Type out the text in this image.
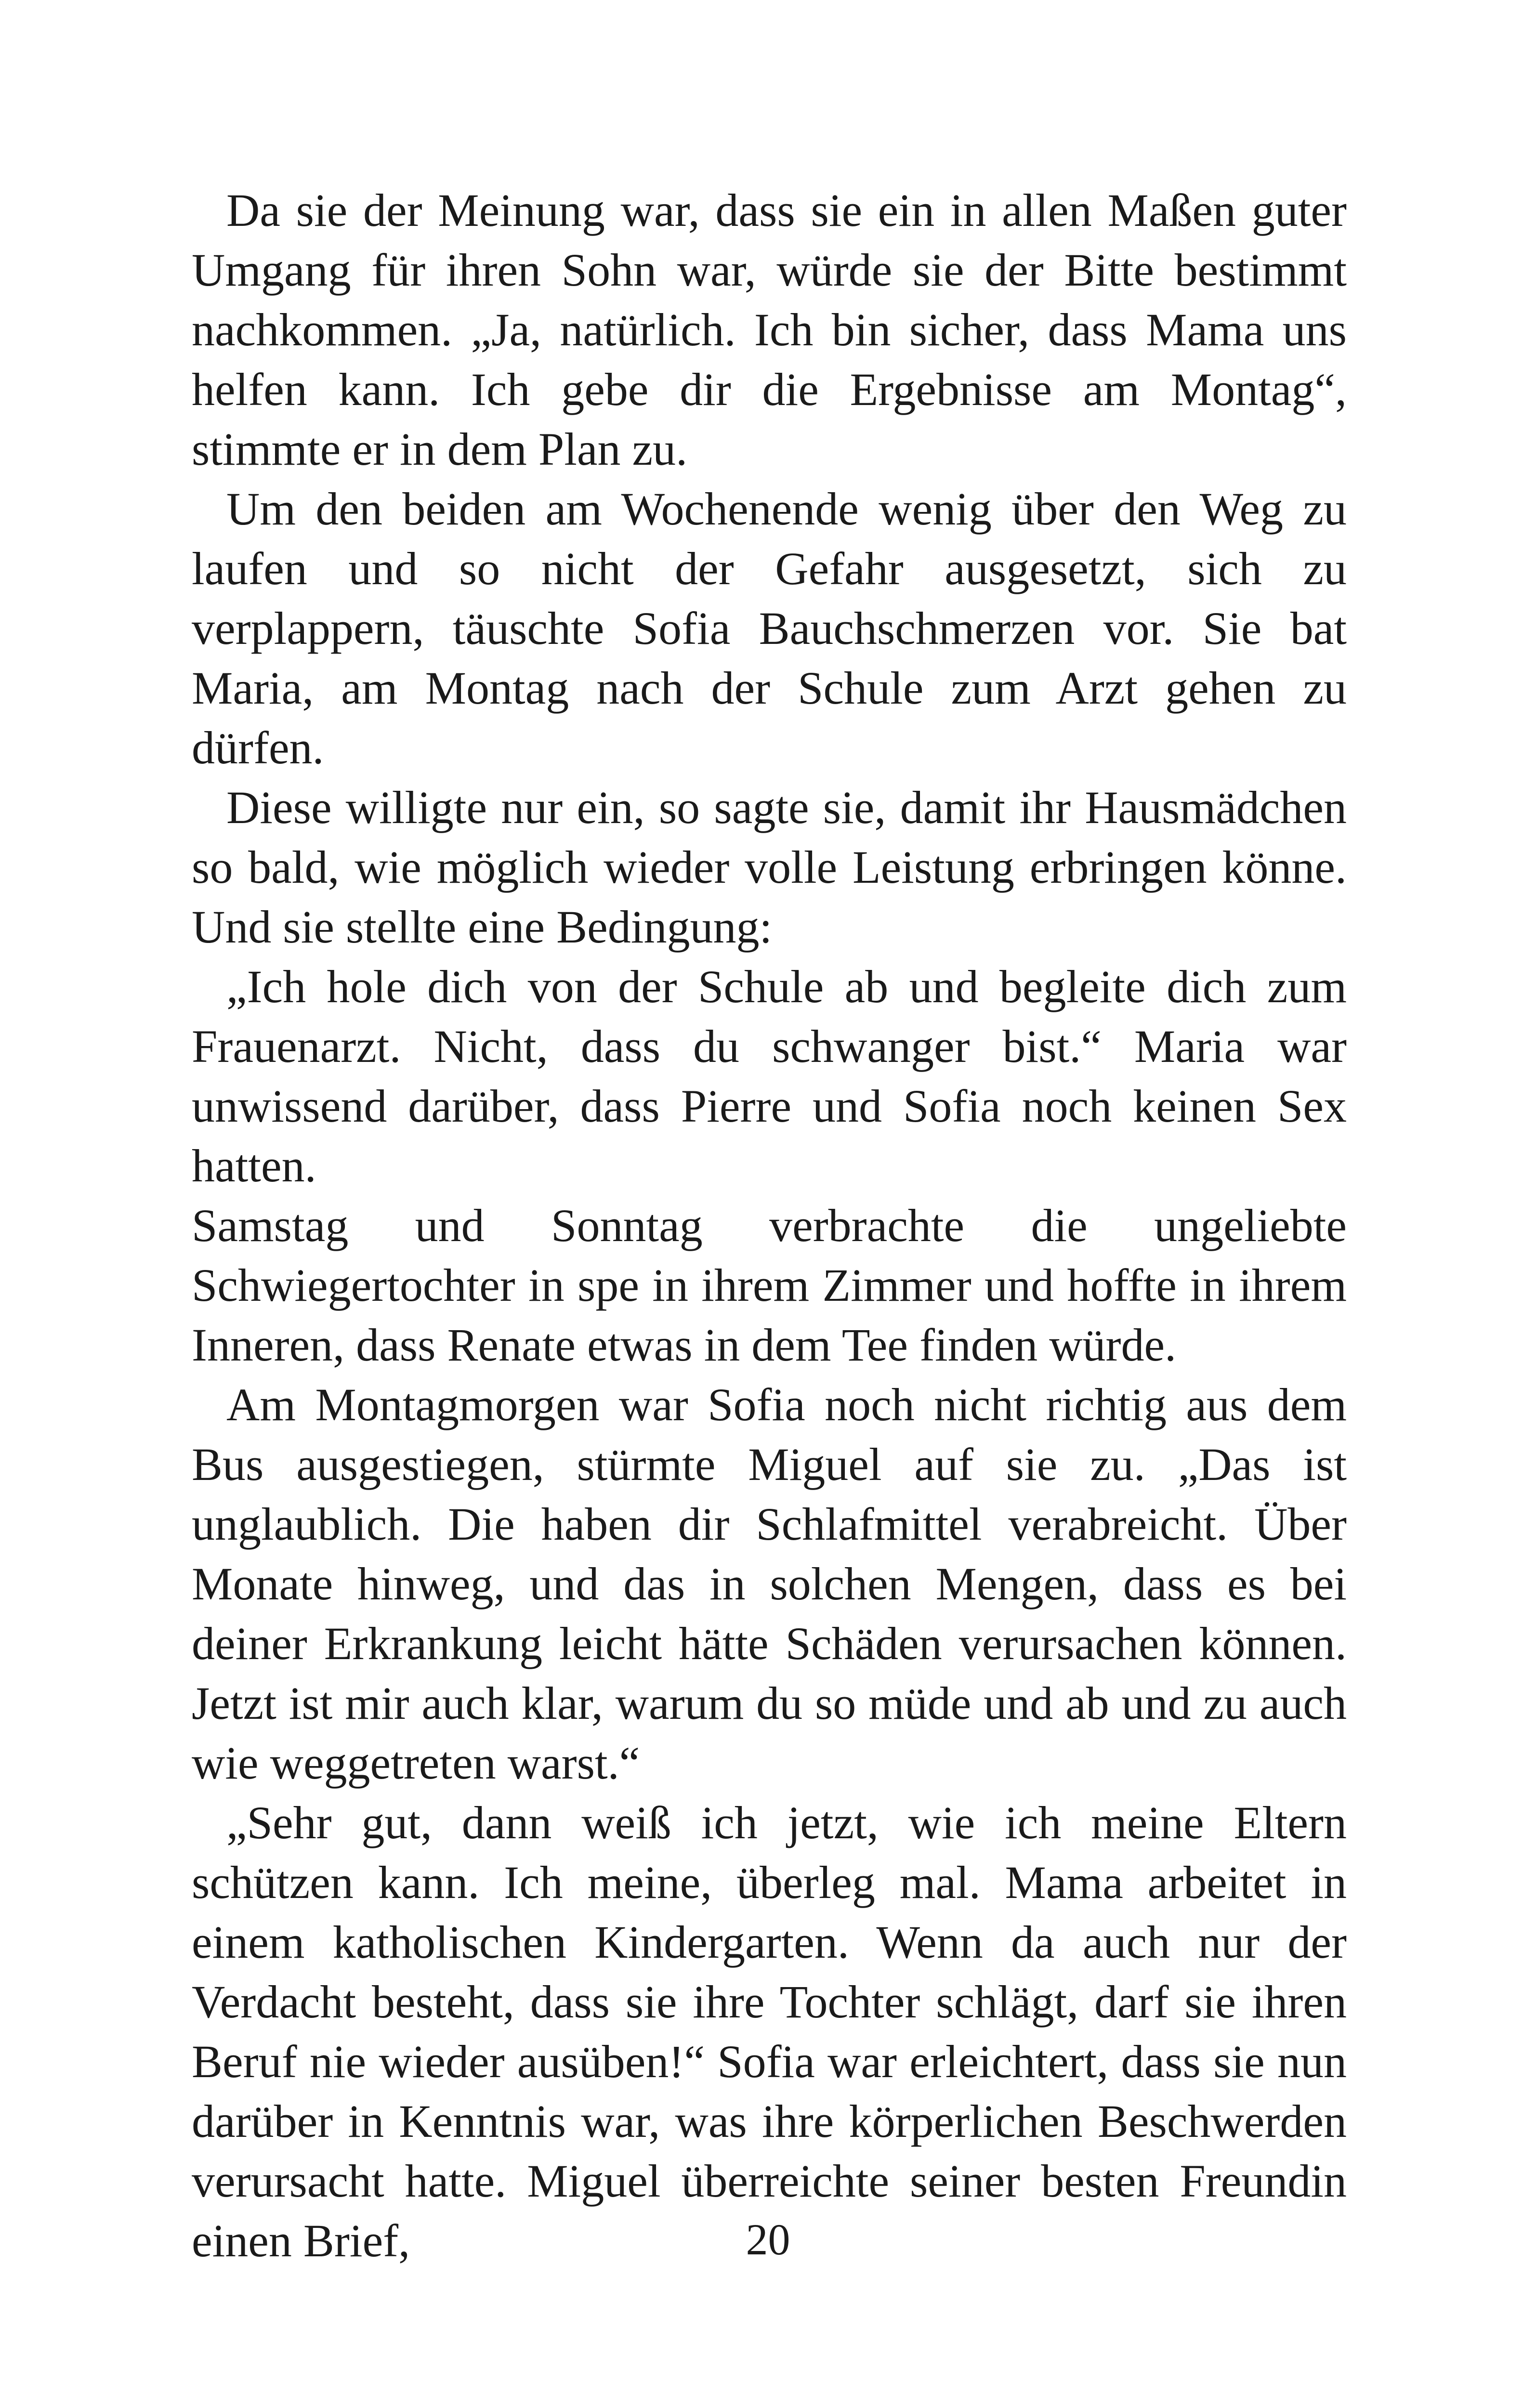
Da sie der Meinung war, dass sie ein in allen Maßen guter Umgang für ihren Sohn war, würde sie der Bitte bestimmt nachkommen. „Ja, natürlich. Ich bin sicher, dass Mama uns helfen kann. Ich gebe dir die Ergebnisse am Montag“, stimmte er in dem Plan zu.

Um den beiden am Wochenende wenig über den Weg zu laufen und so nicht der Gefahr ausgesetzt, sich zu verplappern, täuschte Sofia Bauchschmerzen vor. Sie bat Maria, am Montag nach der Schule zum Arzt gehen zu dürfen.

Diese willigte nur ein, so sagte sie, damit ihr Hausmädchen so bald, wie möglich wieder volle Leistung erbringen könne. Und sie stellte eine Bedingung:

„Ich hole dich von der Schule ab und begleite dich zum Frauenarzt. Nicht, dass du schwanger bist.“ Maria war unwissend darüber, dass Pierre und Sofia noch keinen Sex hatten.

Samstag und Sonntag verbrachte die ungeliebte Schwiegertochter in spe in ihrem Zimmer und hoffte in ihrem Inneren, dass Renate etwas in dem Tee finden würde.

Am Montagmorgen war Sofia noch nicht richtig aus dem Bus ausgestiegen, stürmte Miguel auf sie zu. „Das ist unglaublich. Die haben dir Schlafmittel verabreicht. Über Monate hinweg, und das in solchen Mengen, dass es bei deiner Erkrankung leicht hätte Schäden verursachen können. Jetzt ist mir auch klar, warum du so müde und ab und zu auch wie weggetreten warst.“

„Sehr gut, dann weiß ich jetzt, wie ich meine Eltern schützen kann. Ich meine, überleg mal. Mama arbeitet in einem katholischen Kindergarten. Wenn da auch nur der Verdacht besteht, dass sie ihre Tochter schlägt, darf sie ihren Beruf nie wieder ausüben!“ Sofia war erleichtert, dass sie nun darüber in Kenntnis war, was ihre körperlichen Beschwerden verursacht hatte. Miguel überreichte seiner besten Freundin einen Brief,	20
